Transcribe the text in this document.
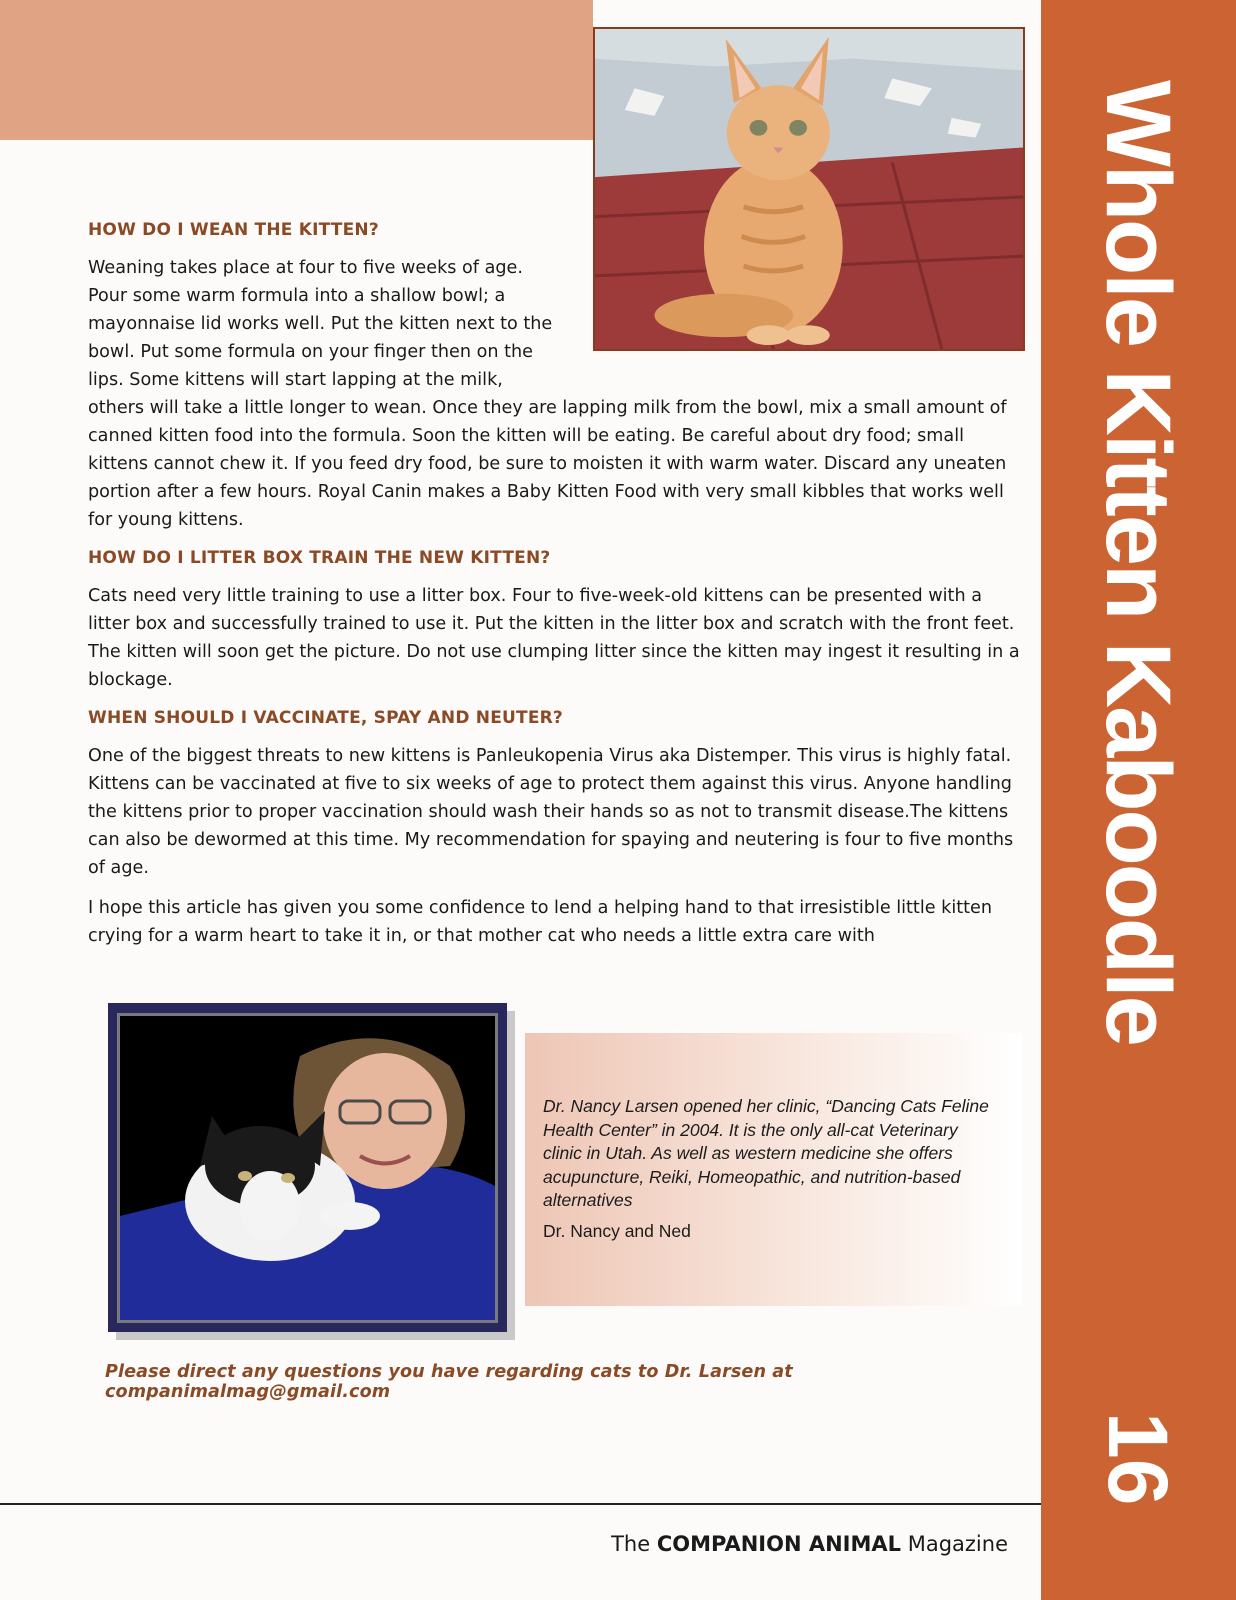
Whole Kitten Kaboodle
16
HOW DO I WEAN THE KITTEN?

Weaning takes place at four to five weeks of age. Pour some warm formula into a shallow bowl; a mayonnaise lid works well. Put the kitten next to the bowl. Put some formula on your finger then on the lips. Some kittens will start lapping at the milk, others will take a little longer to wean. Once they are lapping milk from the bowl, mix a small amount of canned kitten food into the formula. Soon the kitten will be eating. Be careful about dry food; small kittens cannot chew it. If you feed dry food, be sure to moisten it with warm water. Discard any uneaten portion after a few hours. Royal Canin makes a Baby Kitten Food with very small kibbles that works well for young kittens.

HOW DO I LITTER BOX TRAIN THE NEW KITTEN?

Cats need very little training to use a litter box. Four to five-week-old kittens can be presented with a litter box and successfully trained to use it. Put the kitten in the litter box and scratch with the front feet. The kitten will soon get the picture. Do not use clumping litter since the kitten may ingest it resulting in a blockage.

WHEN SHOULD I VACCINATE, SPAY AND NEUTER?

One of the biggest threats to new kittens is Panleukopenia Virus aka Distemper. This virus is highly fatal. Kittens can be vaccinated at five to six weeks of age to protect them against this virus. Anyone handling the kittens prior to proper vaccination should wash their hands so as not to transmit disease.The kittens can also be dewormed at this time. My recommendation for spaying and neutering is four to five months of age.

I hope this article has given you some confidence to lend a helping hand to that irresistible little kitten crying for a warm heart to take it in, or that mother cat who needs a little extra care with

Dr. Nancy Larsen opened her clinic, “Dancing Cats Feline Health Center” in 2004. It is the only all-cat Veterinary clinic in Utah. As well as western medicine she offers acupuncture, Reiki, Homeopathic, and nutrition-based alternatives
Dr. Nancy and Ned
Please direct any questions you have regarding cats to Dr. Larsen at companimalmag@gmail.com
The COMPANION ANIMAL Magazine
